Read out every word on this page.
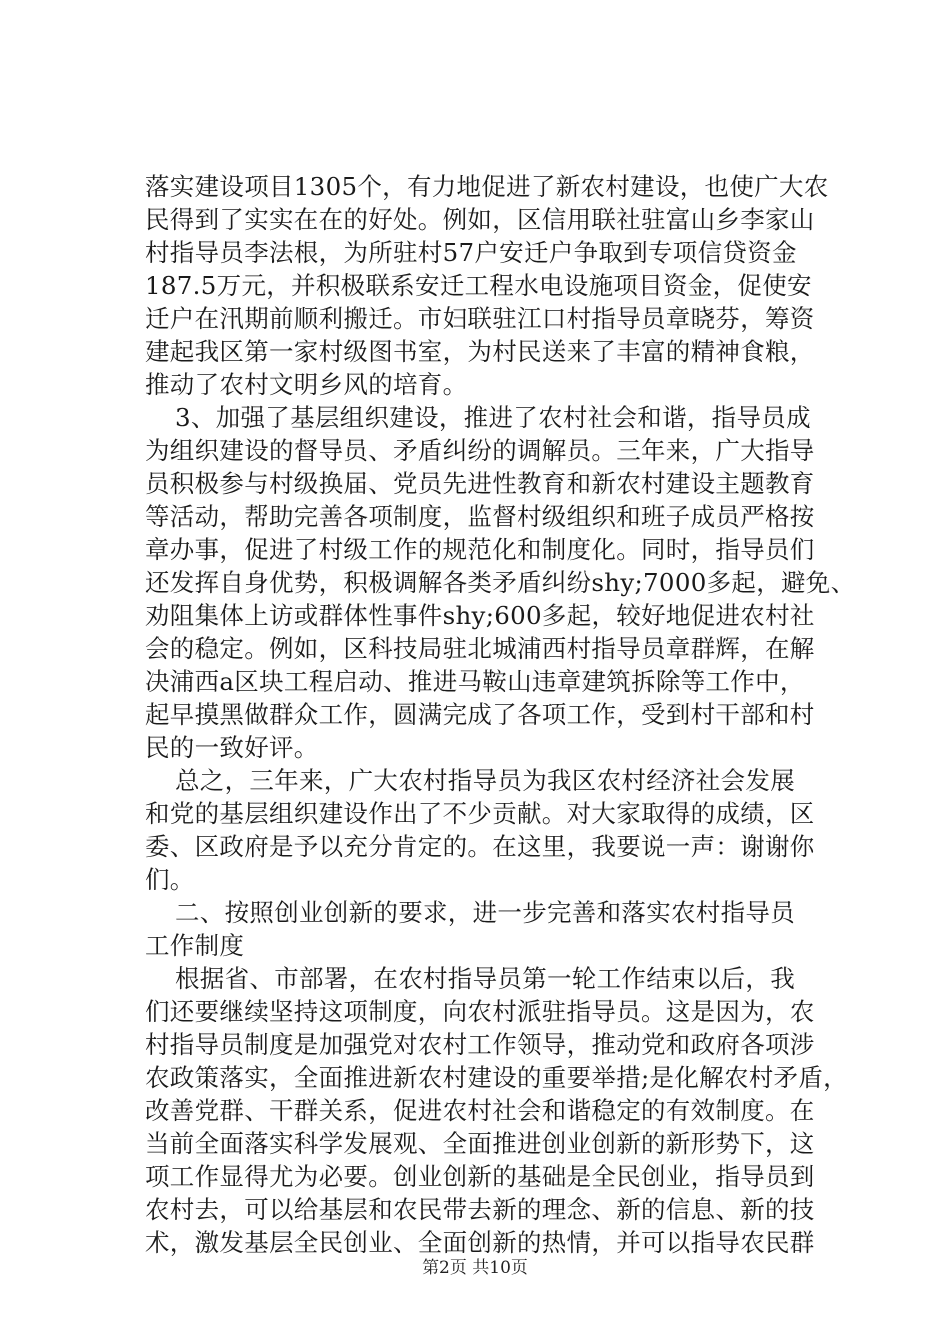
落实建设项目1305个，有力地促进了新农村建设，也使广大农
民得到了实实在在的好处。例如，区信用联社驻富山乡李家山
村指导员李法根，为所驻村57户安迁户争取到专项信贷资金
187.5万元，并积极联系安迁工程水电设施项目资金，促使安
迁户在汛期前顺利搬迁。市妇联驻江口村指导员章晓芬，筹资
建起我区第一家村级图书室，为村民送来了丰富的精神食粮，
推动了农村文明乡风的培育。
3、加强了基层组织建设，推进了农村社会和谐，指导员成
为组织建设的督导员、矛盾纠纷的调解员。三年来，广大指导
员积极参与村级换届、党员先进性教育和新农村建设主题教育
等活动，帮助完善各项制度，监督村级组织和班子成员严格按
章办事，促进了村级工作的规范化和制度化。同时，指导员们
还发挥自身优势，积极调解各类矛盾纠纷shy;7000多起，避免、
劝阻集体上访或群体性事件shy;600多起，较好地促进农村社
会的稳定。例如，区科技局驻北城浦西村指导员章群辉，在解
决浦西a区块工程启动、推进马鞍山违章建筑拆除等工作中，
起早摸黑做群众工作，圆满完成了各项工作，受到村干部和村
民的一致好评。
总之，三年来，广大农村指导员为我区农村经济社会发展
和党的基层组织建设作出了不少贡献。对大家取得的成绩，区
委、区政府是予以充分肯定的。在这里，我要说一声：谢谢你
们。
二、按照创业创新的要求，进一步完善和落实农村指导员
工作制度
根据省、市部署，在农村指导员第一轮工作结束以后，我
们还要继续坚持这项制度，向农村派驻指导员。这是因为，农
村指导员制度是加强党对农村工作领导，推动党和政府各项涉
农政策落实，全面推进新农村建设的重要举措;是化解农村矛盾，
改善党群、干群关系，促进农村社会和谐稳定的有效制度。在
当前全面落实科学发展观、全面推进创业创新的新形势下，这
项工作显得尤为必要。创业创新的基础是全民创业，指导员到
农村去，可以给基层和农民带去新的理念、新的信息、新的技
术，激发基层全民创业、全面创新的热情，并可以指导农民群
第2页 共10页
